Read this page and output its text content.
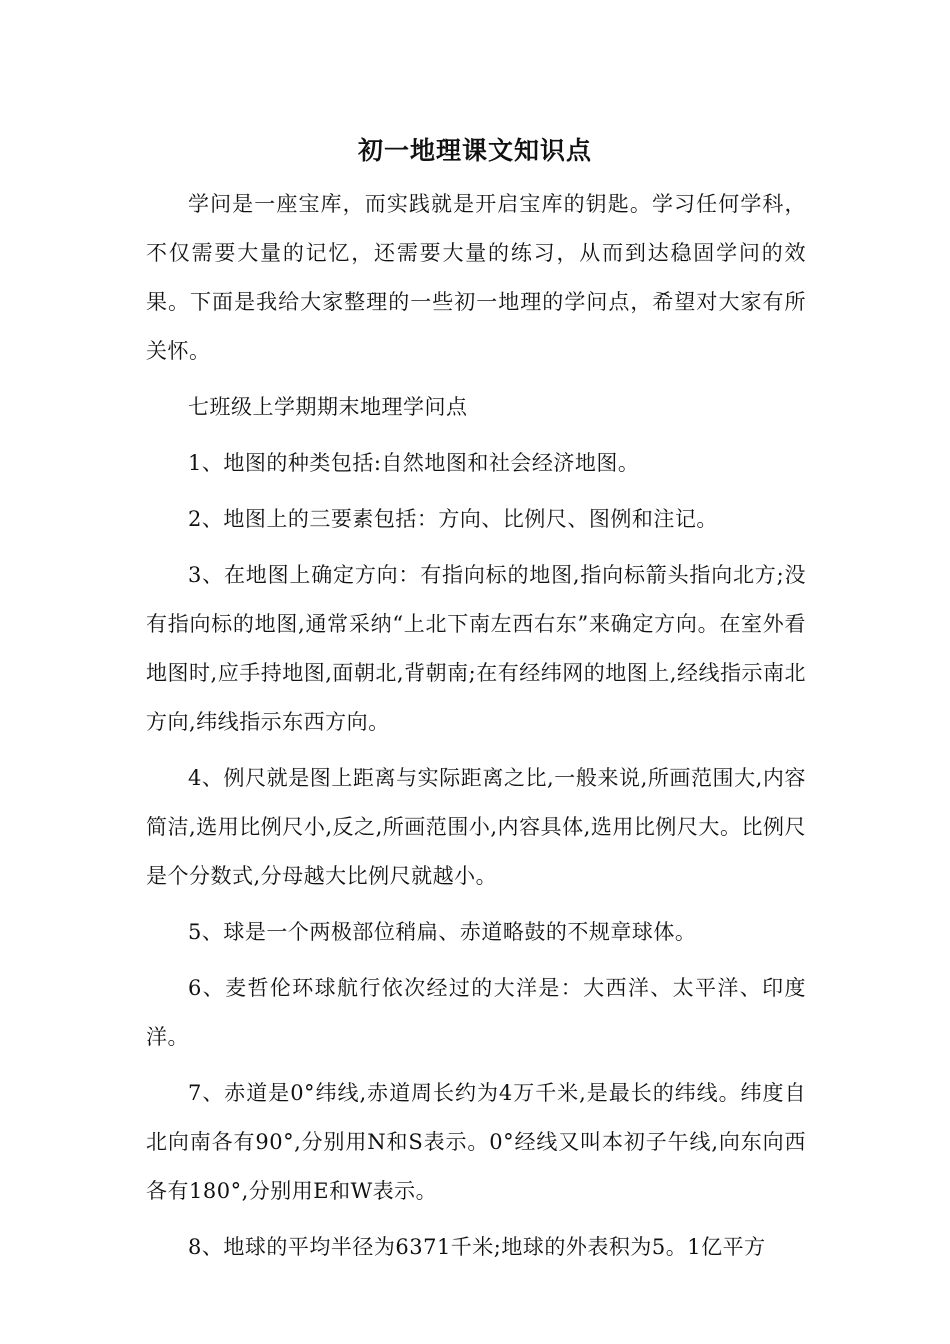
初一地理课文知识点

学问是一座宝库，而实践就是开启宝库的钥匙。学习任何学科，不仅需要大量的记忆，还需要大量的练习，从而到达稳固学问的效果。下面是我给大家整理的一些初一地理的学问点，希望对大家有所关怀。

七班级上学期期末地理学问点

1、地图的种类包括:自然地图和社会经济地图。

2、地图上的三要素包括：方向、比例尺、图例和注记。

3、在地图上确定方向：有指向标的地图,指向标箭头指向北方;没有指向标的地图,通常采纳“上北下南左西右东”来确定方向。在室外看地图时,应手持地图,面朝北,背朝南;在有经纬网的地图上,经线指示南北方向,纬线指示东西方向。

4、例尺就是图上距离与实际距离之比,一般来说,所画范围大,内容简洁,选用比例尺小,反之,所画范围小,内容具体,选用比例尺大。比例尺是个分数式,分母越大比例尺就越小。

5、球是一个两极部位稍扁、赤道略鼓的不规章球体。

6、麦哲伦环球航行依次经过的大洋是：大西洋、太平洋、印度洋。

7、赤道是0°纬线,赤道周长约为4万千米,是最长的纬线。纬度自北向南各有90°,分别用N和S表示。0°经线又叫本初子午线,向东向西各有180°,分别用E和W表示。

8、地球的平均半径为6371千米;地球的外表积为5。1亿平方
